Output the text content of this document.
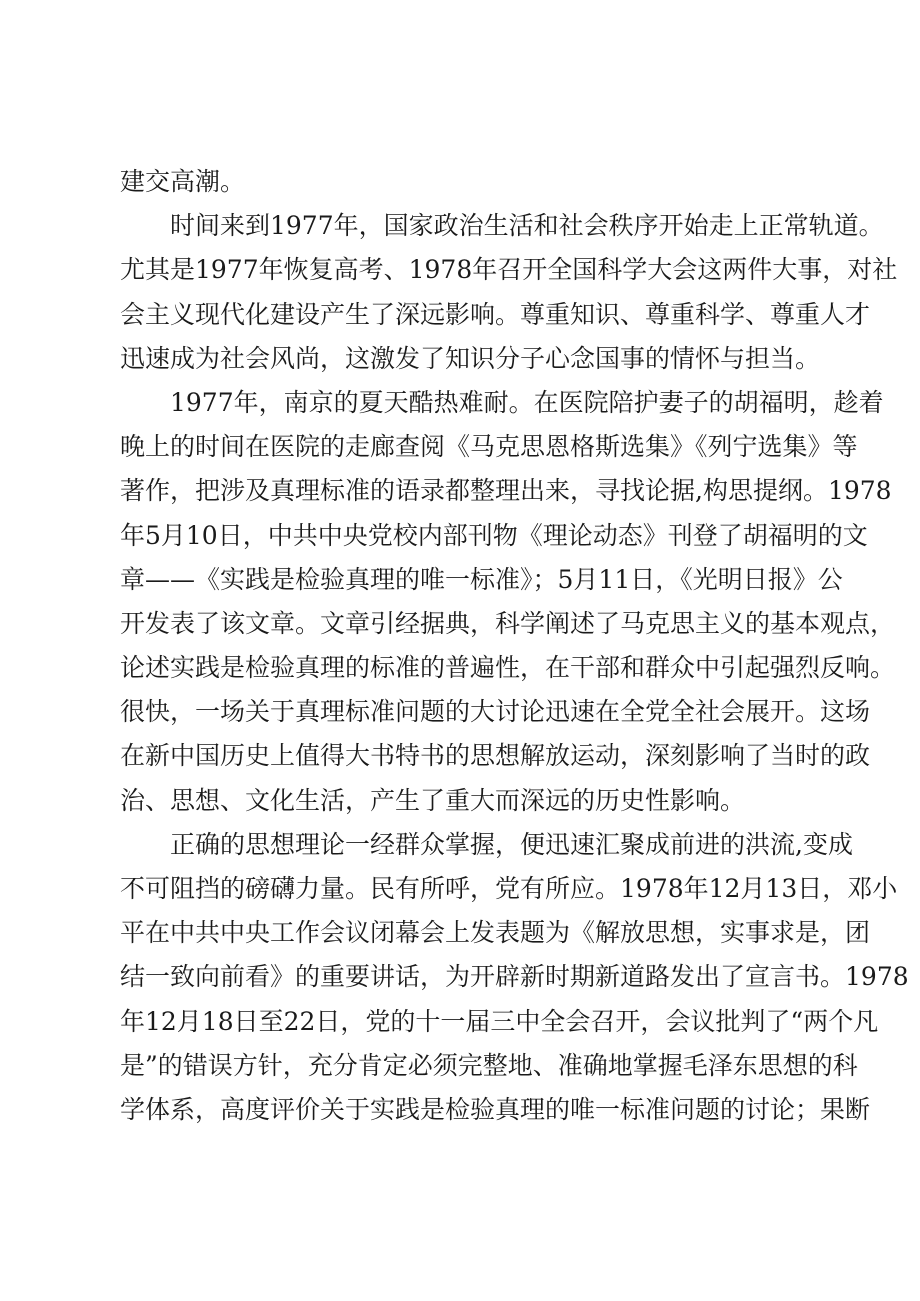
建交高潮。
时间来到1977年，国家政治生活和社会秩序开始走上正常轨道。
尤其是1977年恢复高考、1978年召开全国科学大会这两件大事，对社
会主义现代化建设产生了深远影响。尊重知识、尊重科学、尊重人才
迅速成为社会风尚，这激发了知识分子心念国事的情怀与担当。
1977年，南京的夏天酷热难耐。在医院陪护妻子的胡福明，趁着
晚上的时间在医院的走廊查阅《马克思恩格斯选集》《列宁选集》等
著作，把涉及真理标准的语录都整理出来，寻找论据,构思提纲。1978
年5月10日，中共中央党校内部刊物《理论动态》刊登了胡福明的文
章——《实践是检验真理的唯一标准》；5月11日，《光明日报》公
开发表了该文章。文章引经据典，科学阐述了马克思主义的基本观点，
论述实践是检验真理的标准的普遍性，在干部和群众中引起强烈反响。
很快，一场关于真理标准问题的大讨论迅速在全党全社会展开。这场
在新中国历史上值得大书特书的思想解放运动，深刻影响了当时的政
治、思想、文化生活，产生了重大而深远的历史性影响。
正确的思想理论一经群众掌握，便迅速汇聚成前进的洪流,变成
不可阻挡的磅礴力量。民有所呼，党有所应。1978年12月13日，邓小
平在中共中央工作会议闭幕会上发表题为《解放思想，实事求是，团
结一致向前看》的重要讲话，为开辟新时期新道路发出了宣言书。1978
年12月18日至22日，党的十一届三中全会召开，会议批判了“两个凡
是”的错误方针，充分肯定必须完整地、准确地掌握毛泽东思想的科
学体系，高度评价关于实践是检验真理的唯一标准问题的讨论；果断
